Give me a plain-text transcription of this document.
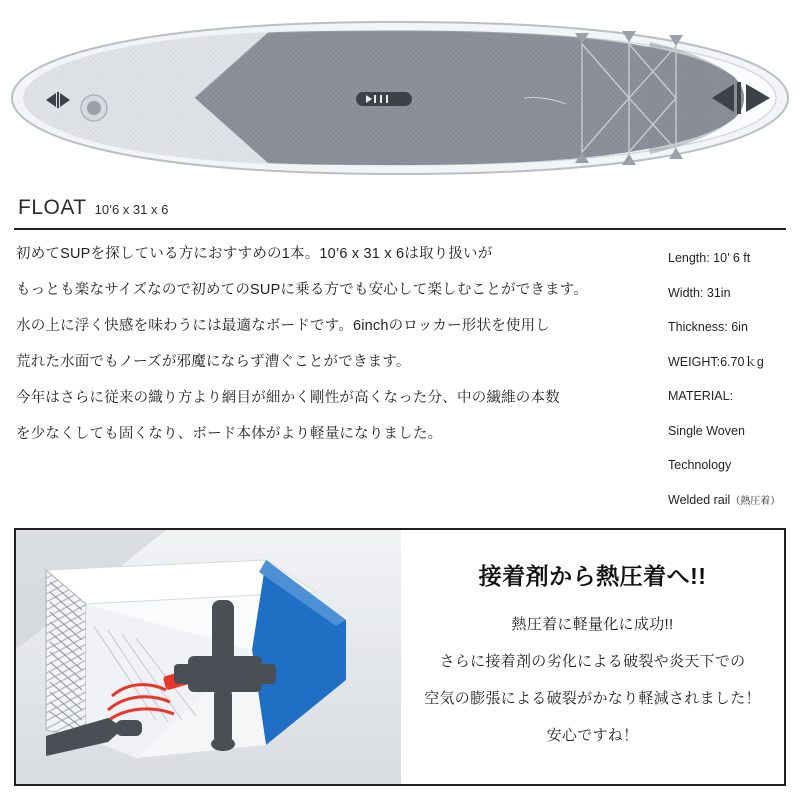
FLOAT 10’6 x 31 x 6

初めてSUPを探している方におすすめの1本。10’6 x 31 x 6は取り扱いが

もっとも楽なサイズなので初めてのSUPに乗る方でも安心して楽しむことができます。

水の上に浮く快感を味わうには最適なボードです。6inchのロッカー形状を使用し

荒れた水面でもノーズが邪魔にならず漕ぐことができます。

今年はさらに従来の織り方より網目が細かく剛性が高くなった分、中の繊維の本数

を少なくしても固くなり、ボード本体がより軽量になりました。

Length: 10’ 6 ft
Width: 31in
Thickness: 6in
WEIGHT:6.70ｋg
MATERIAL:
Single Woven
Technology
Welded rail（熱圧着）
接着剤から熱圧着へ!!

熱圧着に軽量化に成功!!

さらに接着剤の劣化による破裂や炎天下での

空気の膨張による破裂がかなり軽減されました！

安心ですね！
